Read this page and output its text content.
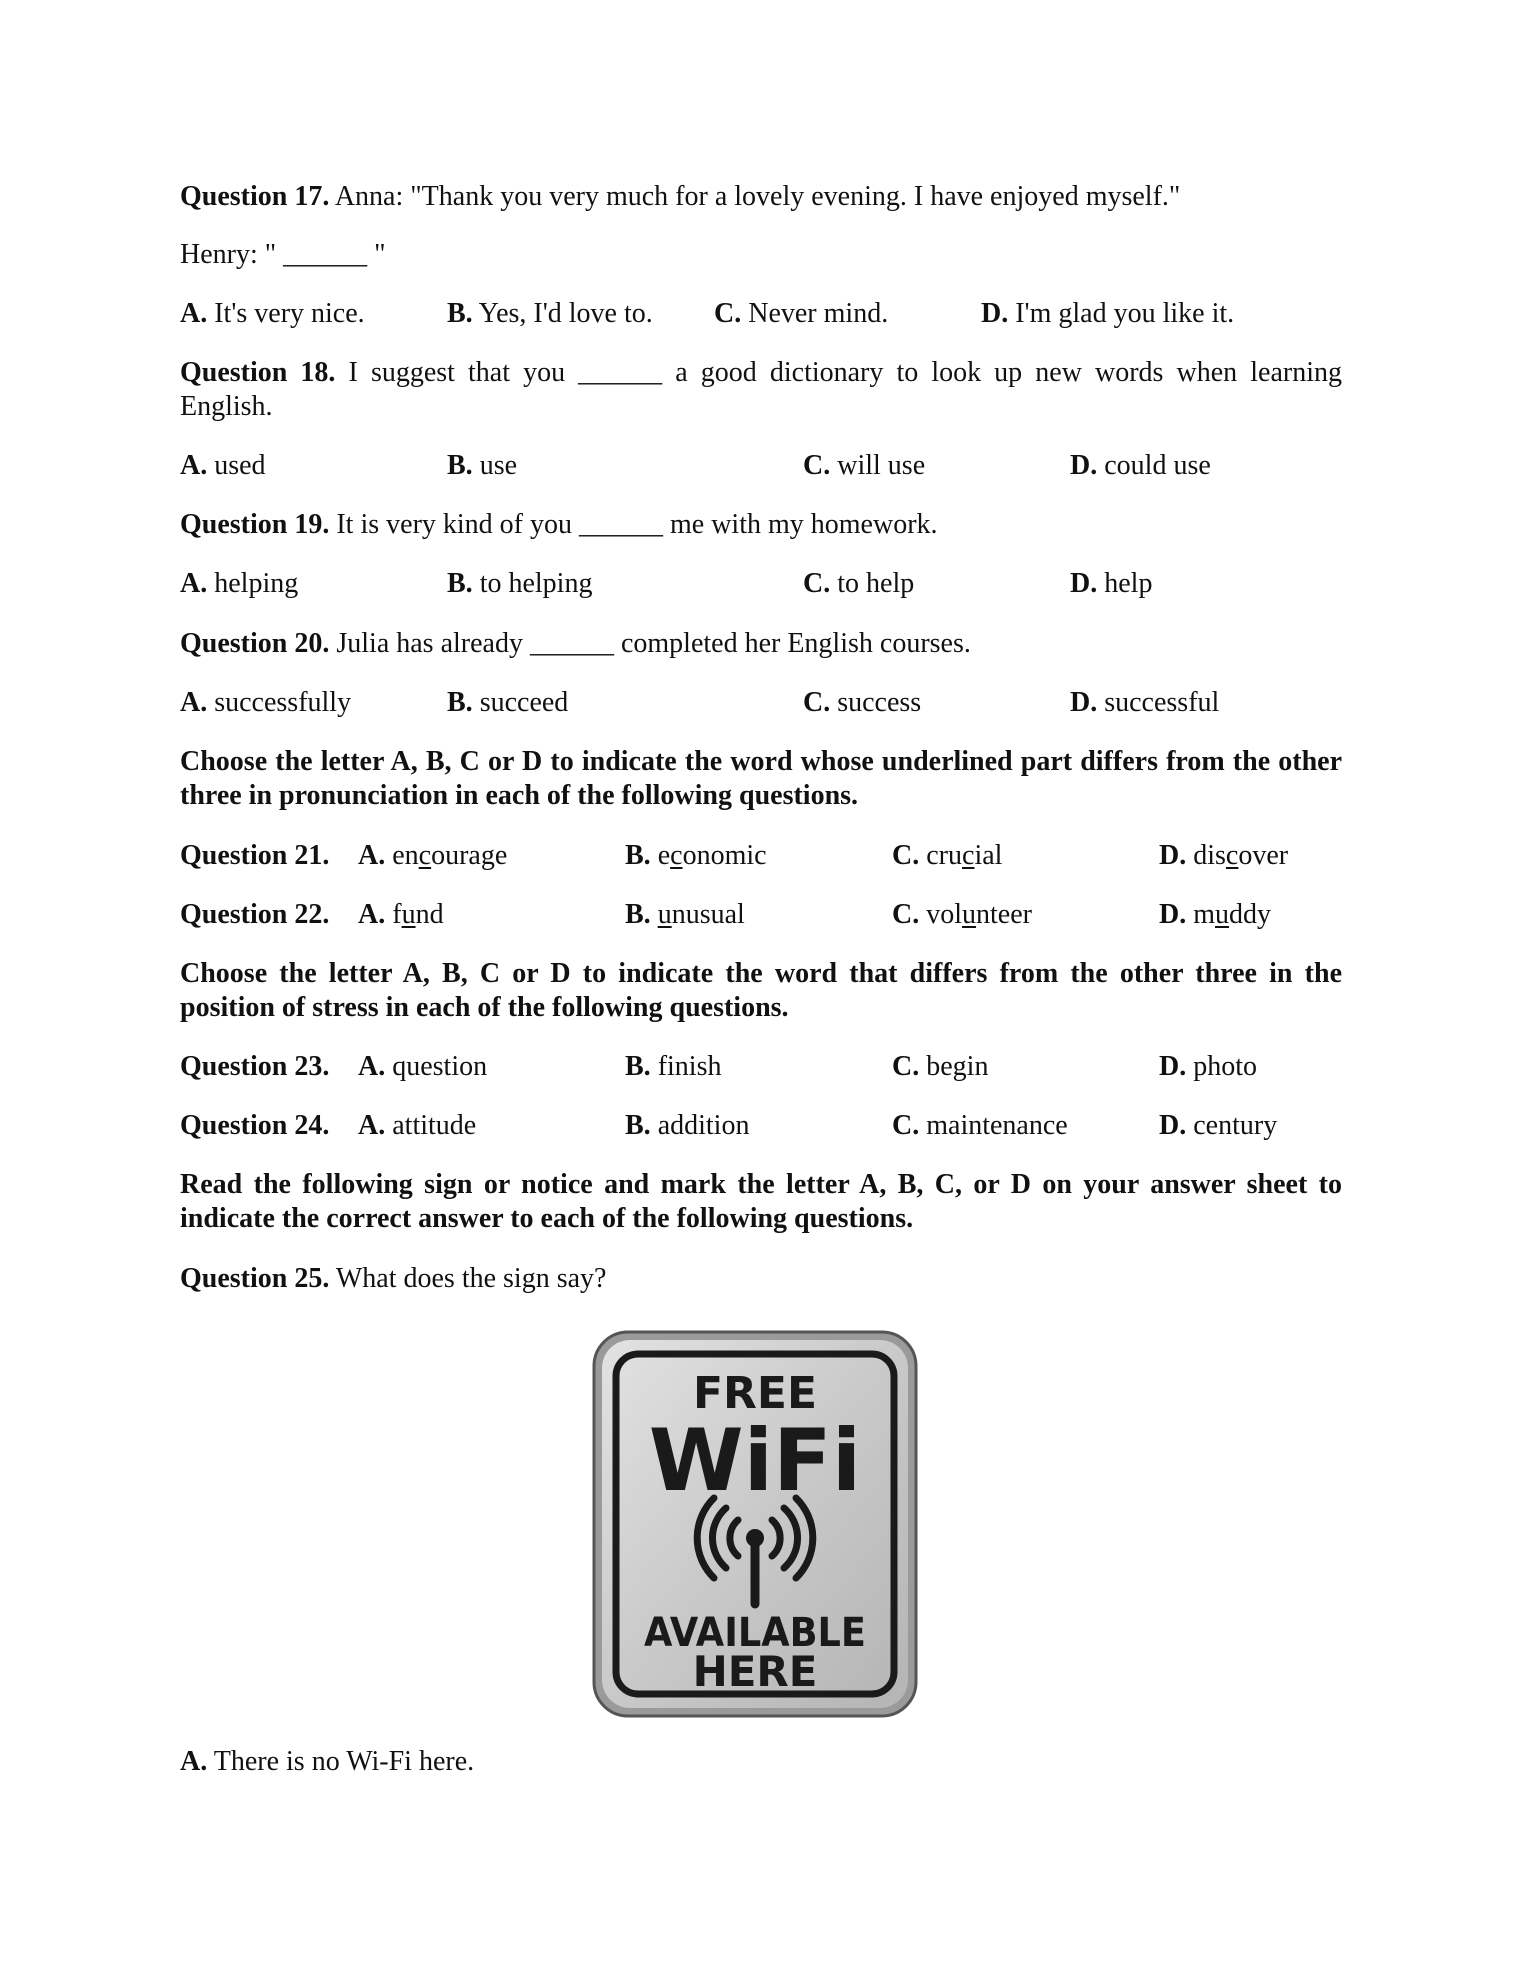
Question 17. Anna: "Thank you very much for a lovely evening. I have enjoyed myself."
Henry: " ______ "
A. It's very nice.	B. Yes, I'd love to. C. Never mind.	D. I'm glad you like it.
Question 18. I suggest that you ______ a good dictionary to look up new words when learning English.
A. used	B. use	C. will use	D. could use
Question 19. It is very kind of you ______ me with my homework.
A. helping	B. to helping	C. to help	D. help
Question 20. Julia has already ______ completed her English courses.
A. successfully	B. succeed	C. success	D. successful
Choose the letter A, B, C or D to indicate the word whose underlined part differs from the other three in pronunciation in each of the following questions.
Question 21. A. encourage	B. economic	C. crucial	D. discover
Question 22. A. fund	B. unusual	C. volunteer	D. muddy
Choose the letter A, B, C or D to indicate the word that differs from the other three in the position of stress in each of the following questions.
Question 23. A. question	B. finish	C. begin	D. photo
Question 24. A. attitude	B. addition	C. maintenance	D. century
Read the following sign or notice and mark the letter A, B, C, or D on your answer sheet to indicate the correct answer to each of the following questions.
Question 25. What does the sign say?
FREE
WiFi
AVAILABLE
HERE
A. There is no Wi-Fi here.
